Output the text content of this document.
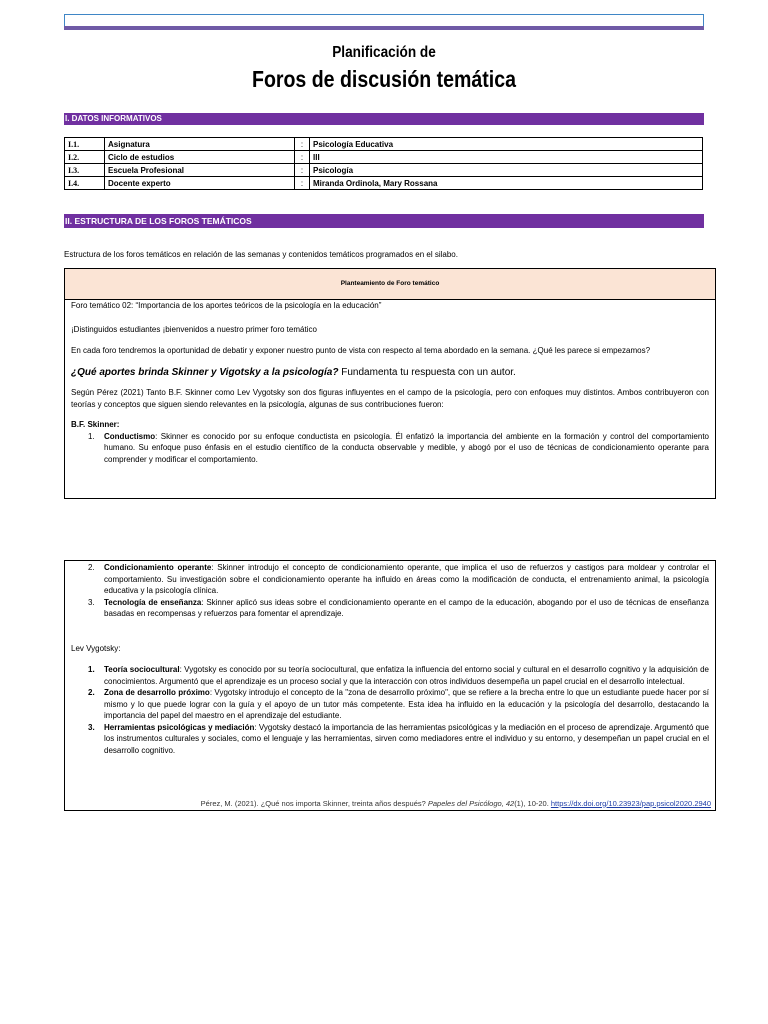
Planificación de
Foros de discusión temática
I. DATOS INFORMATIVOS
I.1.	Asignatura	:	Psicología Educativa
I.2.	Ciclo de estudios	:	III
I.3.	Escuela Profesional	:	Psicología
I.4.	Docente experto	:	Miranda Ordinola, Mary Rossana
II. ESTRUCTURA DE LOS FOROS TEMÁTICOS
Estructura de los foros temáticos en relación de las semanas y contenidos temáticos programados en el silabo.
Planteamiento de Foro temático

Foro temático 02: “Importancia de los aportes teóricos de la psicología en la educación”

¡Distinguidos estudiantes ¡bienvenidos a nuestro primer foro temático

En cada foro tendremos la oportunidad de debatir y exponer nuestro punto de vista con respecto al tema abordado en la semana. ¿Qué les parece si empezamos?

¿Qué aportes brinda Skinner y Vigotsky a la psicología? Fundamenta tu respuesta con un autor.

Según Pérez (2021) Tanto B.F. Skinner como Lev Vygotsky son dos figuras influyentes en el campo de la psicología, pero con enfoques muy distintos. Ambos contribuyeron con teorías y conceptos que siguen siendo relevantes en la psicología, algunas de sus contribuciones fueron:

B.F. Skinner:

1. Conductismo: Skinner es conocido por su enfoque conductista en psicología. Él enfatizó la importancia del ambiente en la formación y control del comportamiento humano. Su enfoque puso énfasis en el estudio científico de la conducta observable y medible, y abogó por el uso de técnicas de condicionamiento operante para comprender y modificar el comportamiento.
2. Condicionamiento operante: Skinner introdujo el concepto de condicionamiento operante, que implica el uso de refuerzos y castigos para moldear y controlar el comportamiento. Su investigación sobre el condicionamiento operante ha influido en áreas como la modificación de conducta, el entrenamiento animal, la psicología educativa y la psicología clínica.
3. Tecnología de enseñanza: Skinner aplicó sus ideas sobre el condicionamiento operante en el campo de la educación, abogando por el uso de técnicas de enseñanza basadas en recompensas y refuerzos para fomentar el aprendizaje.

Lev Vygotsky:

1. Teoría sociocultural: Vygotsky es conocido por su teoría sociocultural, que enfatiza la influencia del entorno social y cultural en el desarrollo cognitivo y la adquisición de conocimientos. Argumentó que el aprendizaje es un proceso social y que la interacción con otros individuos desempeña un papel crucial en el desarrollo intelectual.
2. Zona de desarrollo próximo: Vygotsky introdujo el concepto de la "zona de desarrollo próximo", que se refiere a la brecha entre lo que un estudiante puede hacer por sí mismo y lo que puede lograr con la guía y el apoyo de un tutor más competente. Esta idea ha influido en la educación y la psicología del desarrollo, destacando la importancia del papel del maestro en el aprendizaje del estudiante.
3. Herramientas psicológicas y mediación: Vygotsky destacó la importancia de las herramientas psicológicas y la mediación en el proceso de aprendizaje. Argumentó que los instrumentos culturales y sociales, como el lenguaje y las herramientas, sirven como mediadores entre el individuo y su entorno, y desempeñan un papel crucial en el desarrollo cognitivo.
Pérez, M. (2021). ¿Qué nos importa Skinner, treinta años después? Papeles del Psicólogo, 42(1), 10-20. https://dx.doi.org/10.23923/pap.psicol2020.2940
